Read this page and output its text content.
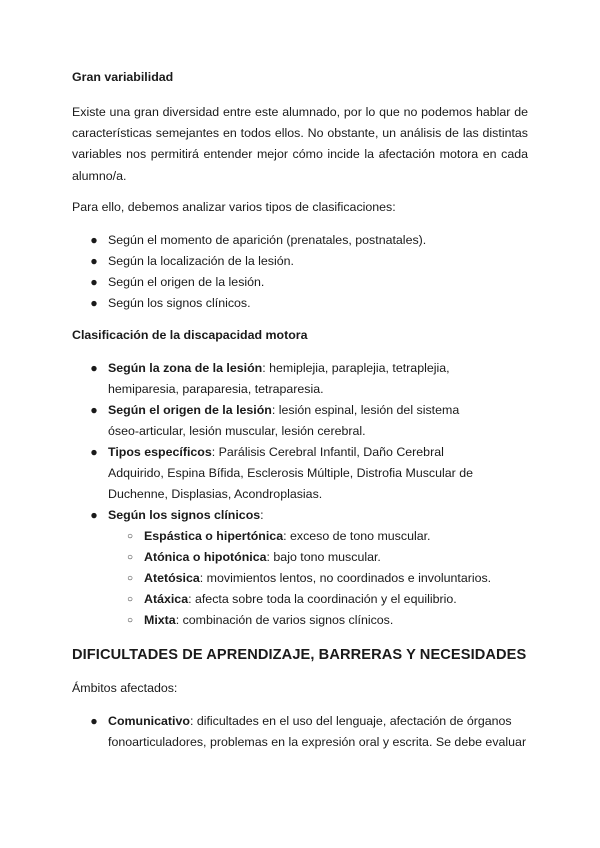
Gran variabilidad

Existe una gran diversidad entre este alumnado, por lo que no podemos hablar de características semejantes en todos ellos. No obstante, un análisis de las distintas variables nos permitirá entender mejor cómo incide la afectación motora en cada alumno/a.

Para ello, debemos analizar varios tipos de clasificaciones:

● Según el momento de aparición (prenatales, postnatales).
● Según la localización de la lesión.
● Según el origen de la lesión.
● Según los signos clínicos.
Clasificación de la discapacidad motora
● Según la zona de la lesión: hemiplejia, paraplejia, tetraplejia, hemiparesia, paraparesia, tetraparesia.
● Según el origen de la lesión: lesión espinal, lesión del sistema óseo-articular, lesión muscular, lesión cerebral.
● Tipos específicos: Parálisis Cerebral Infantil, Daño Cerebral Adquirido, Espina Bífida, Esclerosis Múltiple, Distrofia Muscular de Duchenne, Displasias, Acondroplasias.
● Según los signos clínicos:
○ Espástica o hipertónica: exceso de tono muscular.
○ Atónica o hipotónica: bajo tono muscular.
○ Atetósica: movimientos lentos, no coordinados e involuntarios.
○ Atáxica: afecta sobre toda la coordinación y el equilibrio.
○ Mixta: combinación de varios signos clínicos.
DIFICULTADES DE APRENDIZAJE, BARRERAS Y NECESIDADES

Ámbitos afectados:

● Comunicativo: dificultades en el uso del lenguaje, afectación de órganos fonoarticuladores, problemas en la expresión oral y escrita. Se debe evaluar
